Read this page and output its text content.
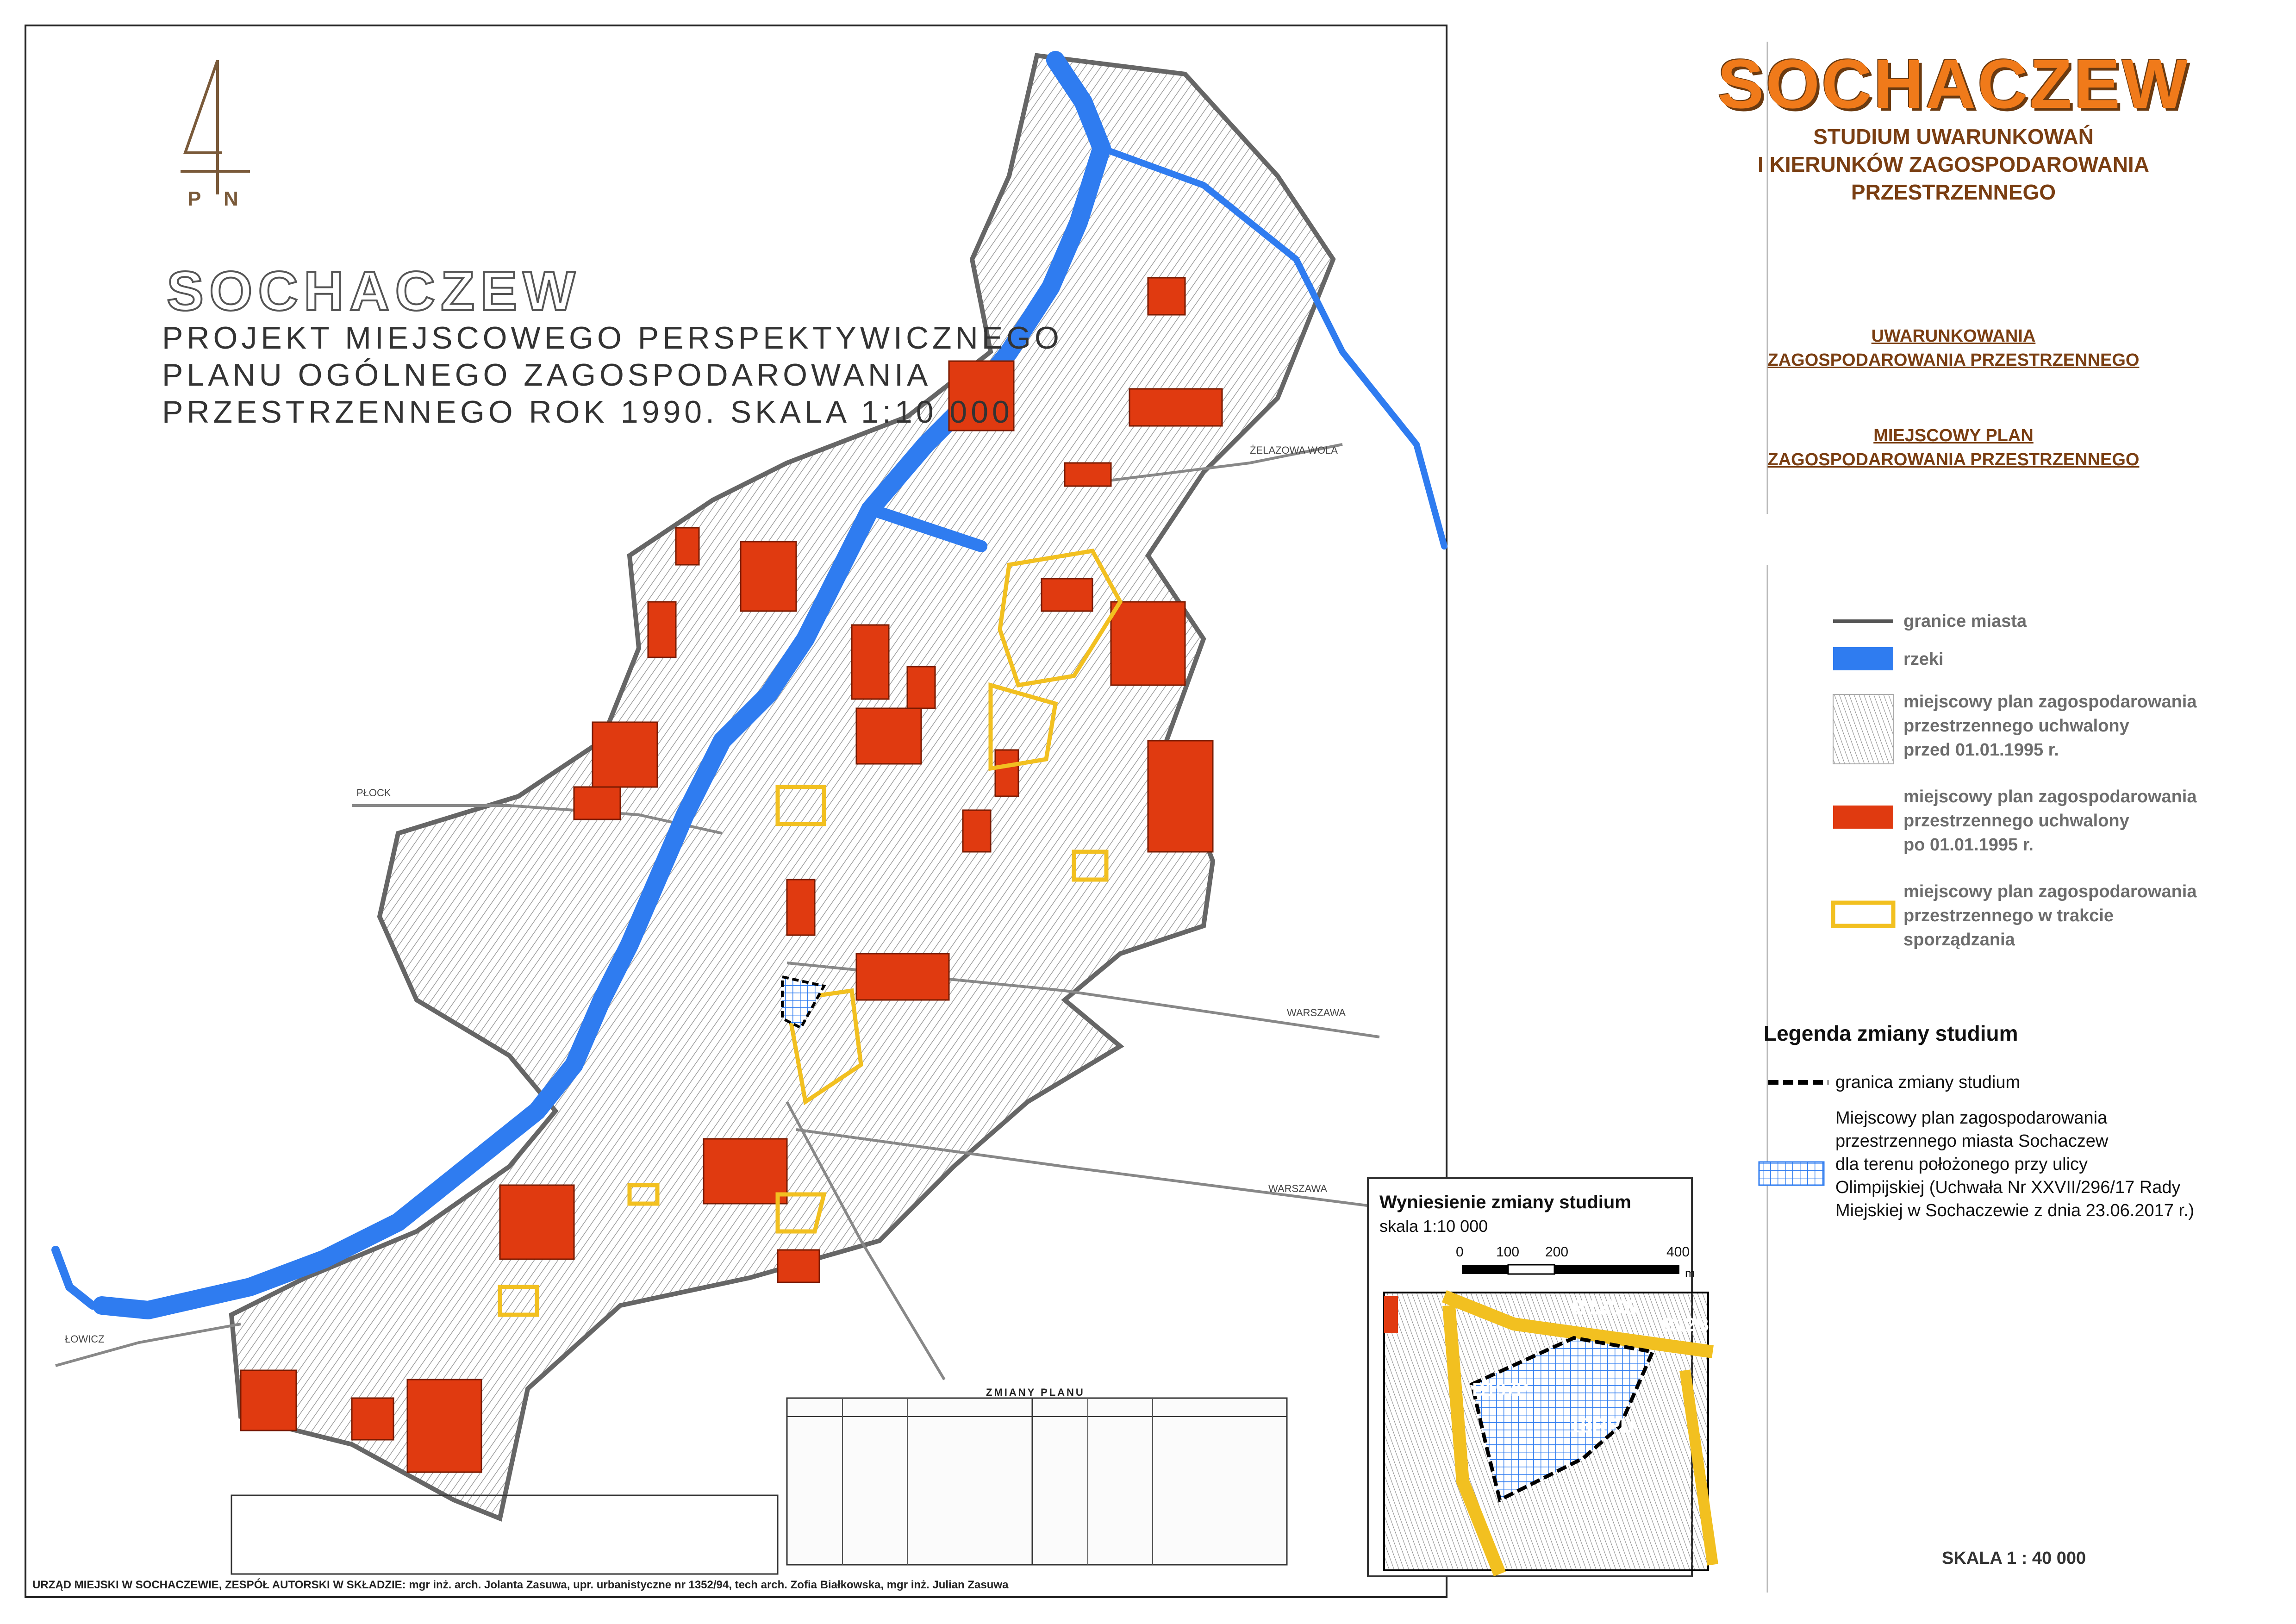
SOCHACZEW
STUDIUM UWARUNKOWAŃ
I KIERUNKÓW ZAGOSPODAROWANIA
PRZESTRZENNEGO
UWARUNKOWANIA
ZAGOSPODAROWANIA PRZESTRZENNEGO
MIEJSCOWY PLAN
ZAGOSPODAROWANIA PRZESTRZENNEGO
granice miasta
rzeki
miejscowy plan zagospodarowania
przestrzennego uchwalony
przed 01.01.1995 r.
miejscowy plan zagospodarowania
przestrzennego uchwalony
po 01.01.1995 r.
miejscowy plan zagospodarowania
przestrzennego w trakcie
sporządzania
Legenda zmiany studium
granica zmiany studium
Miejscowy plan zagospodarowania
przestrzennego miasta Sochaczew
dla terenu położonego przy ulicy
Olimpijskiej (Uchwała Nr XXVII/296/17 Rady
Miejskiej w Sochaczewie z dnia 23.06.2017 r.)
SKALA 1 : 40 000
Wyniesienie zmiany studium
skala 1:10 000
0 100 200	400
m
B13US
B12B
B197P
18RPU
SOCHACZEW
PROJEKT MIEJSCOWEGO PERSPEKTYWICZNEGO
PLANU OGÓLNEGO ZAGOSPODAROWANIA
PRZESTRZENNEGO ROK 1990. SKALA 1:10 000
P N
PŁOCK
WARSZAWA
WARSZAWA
ŁOWICZ
ŻELAZOWA WOLA
ZMIANY PLANU
URZĄD MIEJSKI W SOCHACZEWIE, ZESPÓŁ AUTORSKI W SKŁADZIE: mgr inż. arch. Jolanta Zasuwa, upr. urbanistyczne nr 1352/94, tech arch. Zofia Białkowska, mgr inż. Julian Zasuwa
